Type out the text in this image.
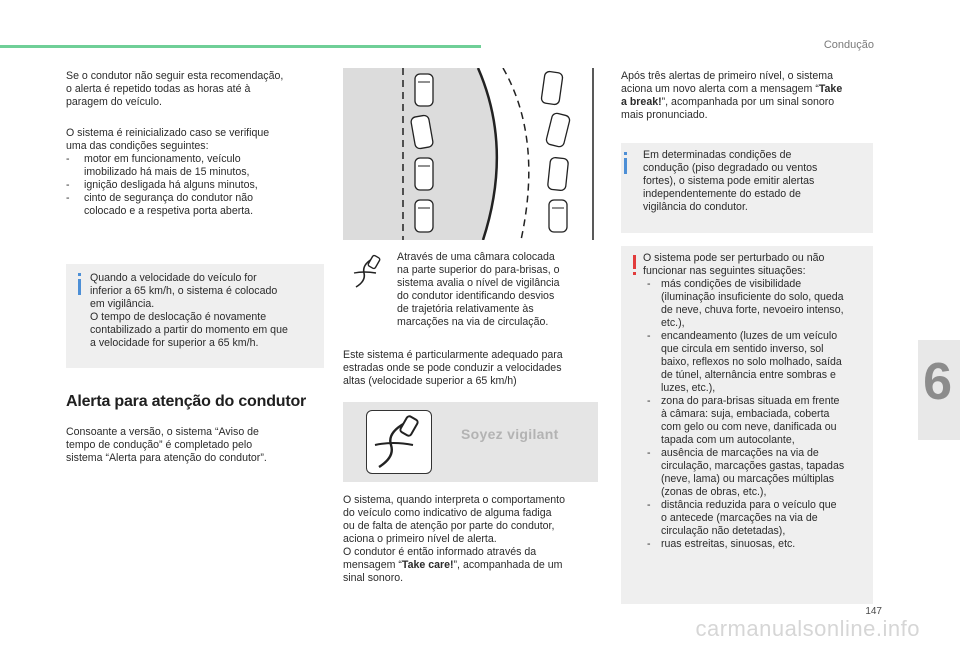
Condução

Se o condutor não seguir esta recomendação,

o alerta é repetido todas as horas até à

paragem do veículo.

O sistema é reinicializado caso se verifique

uma das condições seguintes:

- motor em funcionamento, veículo

imobilizado há mais de 15 minutos,

- ignição desligada há alguns minutos,

- cinto de segurança do condutor não

colocado e a respetiva porta aberta.

Quando a velocidade do veículo for

inferior a 65 km/h, o sistema é colocado

em vigilância.

O tempo de deslocação é novamente

contabilizado a partir do momento em que

a velocidade for superior a 65 km/h.

Alerta para atenção do condutor

Consoante a versão, o sistema “Aviso de

tempo de condução” é completado pelo

sistema “Alerta para atenção do condutor”.

Através de uma câmara colocada

na parte superior do para-brisas, o

sistema avalia o nível de vigilância

do condutor identificando desvios

de trajetória relativamente às

marcações na via de circulação.

Este sistema é particularmente adequado para

estradas onde se pode conduzir a velocidades

altas (velocidade superior a 65 km/h)

Soyez vigilant

O sistema, quando interpreta o comportamento

do veículo como indicativo de alguma fadiga

ou de falta de atenção por parte do condutor,

aciona o primeiro nível de alerta.

O condutor é então informado através da

mensagem “Take care!”, acompanhada de um

sinal sonoro.

Após três alertas de primeiro nível, o sistema

aciona um novo alerta com a mensagem “Take

a break!”, acompanhada por um sinal sonoro

mais pronunciado.

Em determinadas condições de

condução (piso degradado ou ventos

fortes), o sistema pode emitir alertas

independentemente do estado de

vigilância do condutor.

O sistema pode ser perturbado ou não

funcionar nas seguintes situações:

- más condições de visibilidade

(iluminação insuficiente do solo, queda

de neve, chuva forte, nevoeiro intenso,

etc.),

- encandeamento (luzes de um veículo

que circula em sentido inverso, sol

baixo, reflexos no solo molhado, saída

de túnel, alternância entre sombras e

luzes, etc.),

- zona do para-brisas situada em frente

à câmara: suja, embaciada, coberta

com gelo ou com neve, danificada ou

tapada com um autocolante,

- ausência de marcações na via de

circulação, marcações gastas, tapadas

(neve, lama) ou marcações múltiplas

(zonas de obras, etc.),

- distância reduzida para o veículo que

o antecede (marcações na via de

circulação não detetadas),

- ruas estreitas, sinuosas, etc.

6
147
carmanualsonline.info
